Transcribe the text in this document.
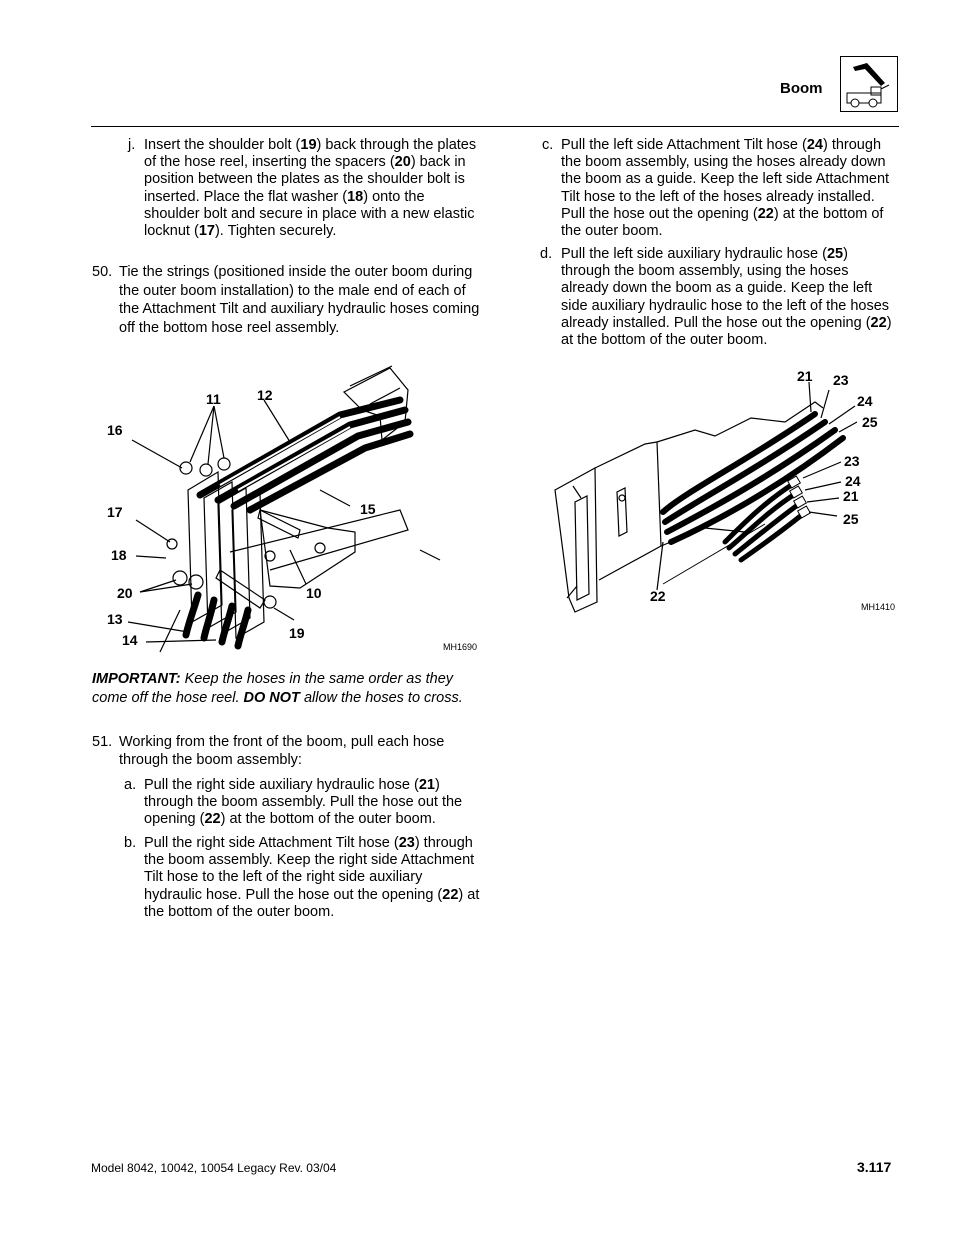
Boom
j. Insert the shoulder bolt (19) back through the plates of the hose reel, inserting the spacers (20) back in position between the plates as the shoulder bolt is inserted. Place the flat washer (18) onto the shoulder bolt and secure in place with a new elastic locknut (17). Tighten securely.
50. Tie the strings (positioned inside the outer boom during the outer boom installation) to the male end of each of the Attachment Tilt and auxiliary hydraulic hoses coming off the bottom hose reel assembly.
11	12
16
15
17
18
20	10
13
14	19
MH1690
IMPORTANT: Keep the hoses in the same order as they come off the hose reel. DO NOT allow the hoses to cross.
51. Working from the front of the boom, pull each hose through the boom assembly:
a. Pull the right side auxiliary hydraulic hose (21) through the boom assembly. Pull the hose out the opening (22) at the bottom of the outer boom.
b. Pull the right side Attachment Tilt hose (23) through the boom assembly. Keep the right side Attachment Tilt hose to the left of the right side auxiliary hydraulic hose. Pull the hose out the opening (22) at the bottom of the outer boom.
c. Pull the left side Attachment Tilt hose (24) through the boom assembly, using the hoses already down the boom as a guide. Keep the left side Attachment Tilt hose to the left of the hoses already installed. Pull the hose out the opening (22) at the bottom of the outer boom.
d. Pull the left side auxiliary hydraulic hose (25) through the boom assembly, using the hoses already down the boom as a guide. Keep the left side auxiliary hydraulic hose to the left of the hoses already installed. Pull the hose out the opening (22) at the bottom of the outer boom.
21 23
24
25
23
24
21
25
22
MH1410
Model 8042, 10042, 10054 Legacy Rev. 03/04	3.117
